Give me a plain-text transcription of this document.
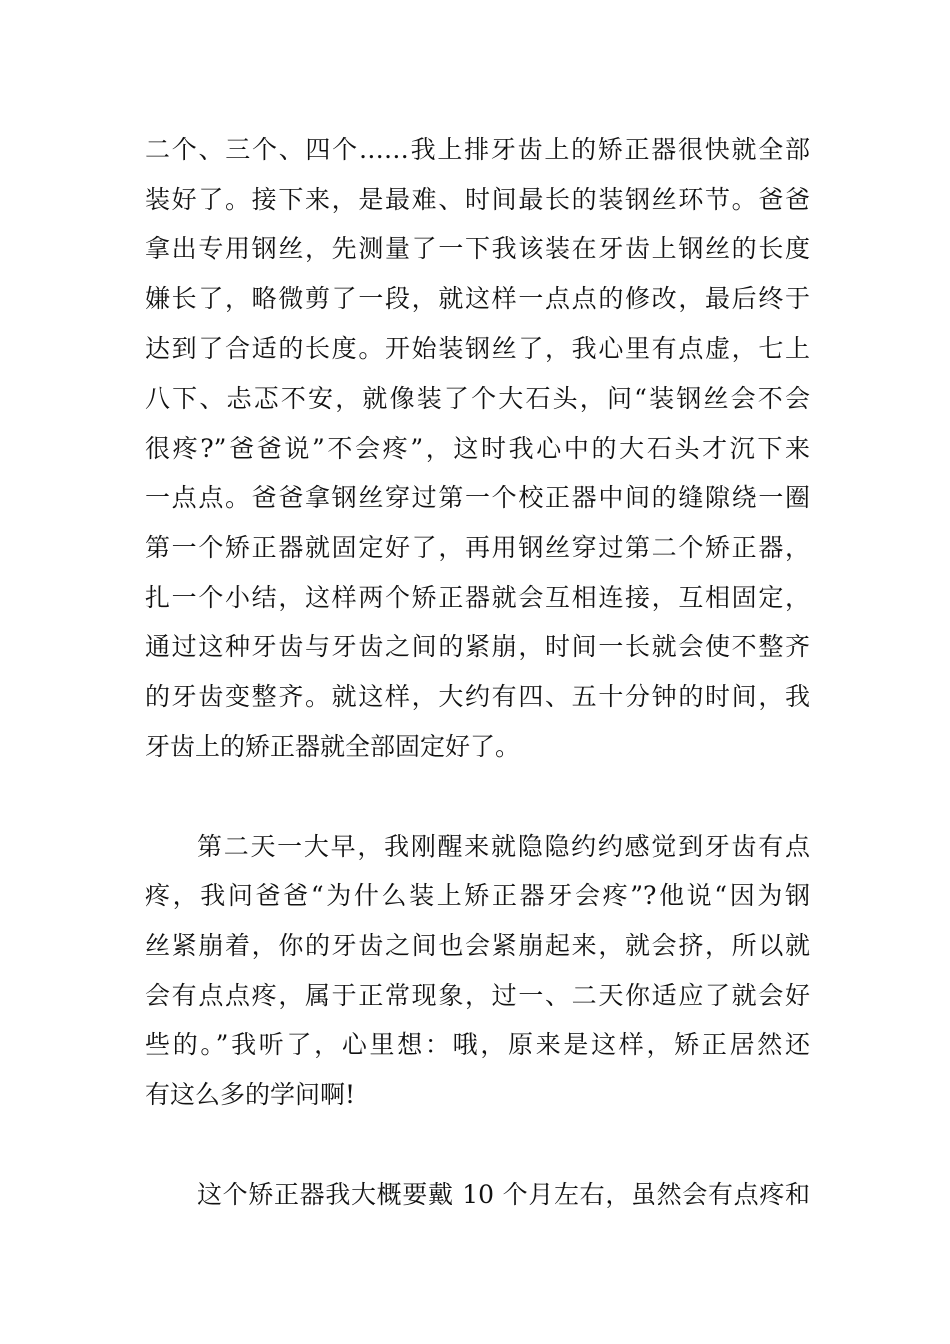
二个、三个、四个……我上排牙齿上的矫正器很快就全部
装好了。接下来，是最难、时间最长的装钢丝环节。爸爸
拿出专用钢丝，先测量了一下我该装在牙齿上钢丝的长度
嫌长了，略微剪了一段，就这样一点点的修改，最后终于
达到了合适的长度。开始装钢丝了，我心里有点虚，七上
八下、忐忑不安，就像装了个大石头，问“装钢丝会不会
很疼?”爸爸说”不会疼”，这时我心中的大石头才沉下来
一点点。爸爸拿钢丝穿过第一个校正器中间的缝隙绕一圈
第一个矫正器就固定好了，再用钢丝穿过第二个矫正器，
扎一个小结，这样两个矫正器就会互相连接，互相固定，
通过这种牙齿与牙齿之间的紧崩，时间一长就会使不整齐
的牙齿变整齐。就这样，大约有四、五十分钟的时间，我
牙齿上的矫正器就全部固定好了。
第二天一大早，我刚醒来就隐隐约约感觉到牙齿有点
疼，我问爸爸“为什么装上矫正器牙会疼”?他说“因为钢
丝紧崩着，你的牙齿之间也会紧崩起来，就会挤，所以就
会有点点疼，属于正常现象，过一、二天你适应了就会好
些的。”我听了，心里想：哦，原来是这样，矫正居然还
有这么多的学问啊!
这个矫正器我大概要戴 10 个月左右，虽然会有点疼和
